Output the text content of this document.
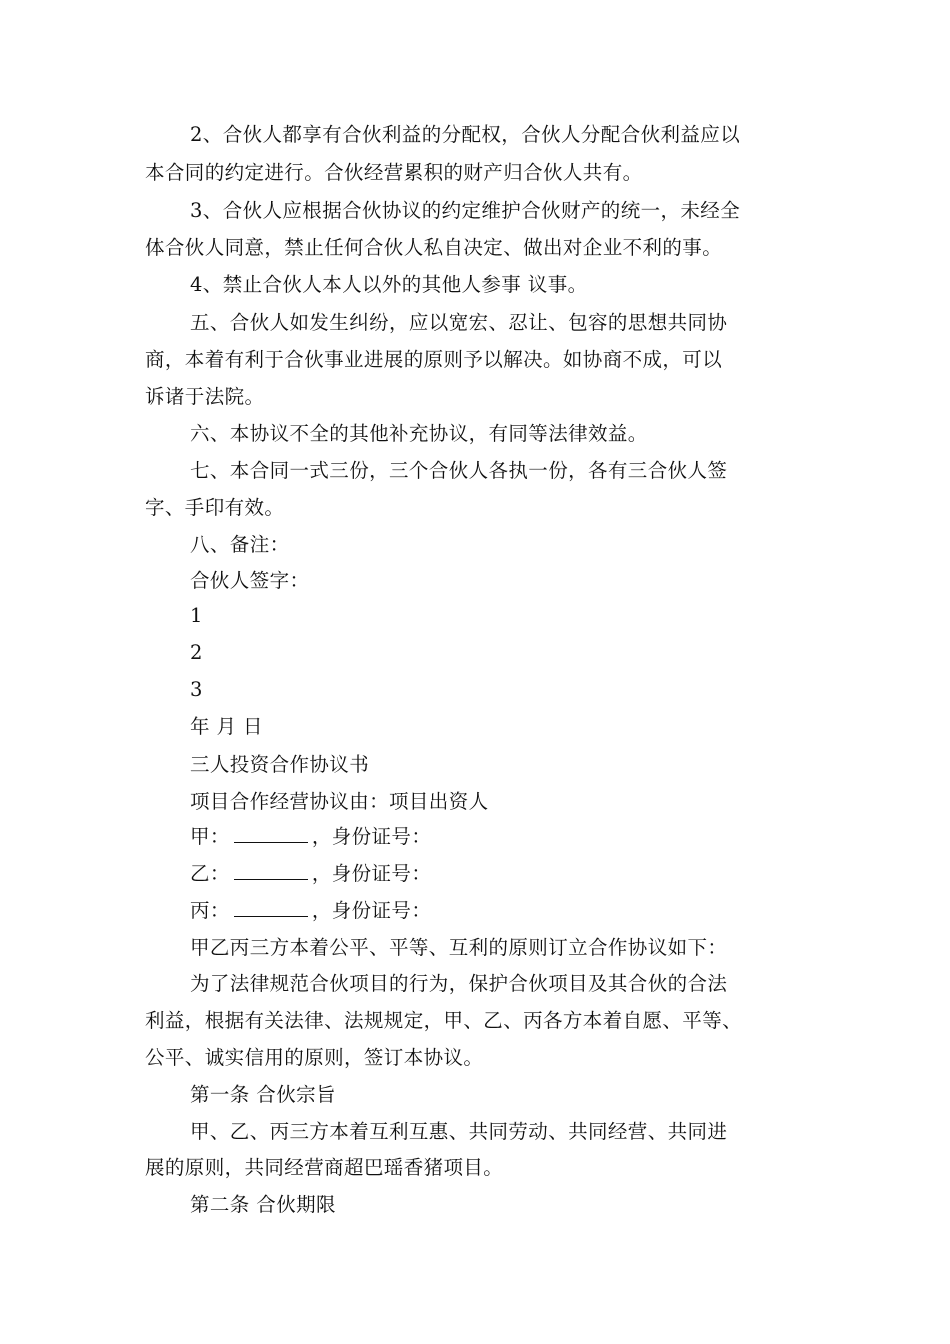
2、合伙人都享有合伙利益的分配权，合伙人分配合伙利益应以
本合同的约定进行。合伙经营累积的财产归合伙人共有。
3、合伙人应根据合伙协议的约定维护合伙财产的统一，未经全
体合伙人同意，禁止任何合伙人私自决定、做出对企业不利的事。
4、禁止合伙人本人以外的其他人参事 议事。
五、合伙人如发生纠纷，应以宽宏、忍让、包容的思想共同协
商，本着有利于合伙事业进展的原则予以解决。如协商不成，可以
诉诸于法院。
六、本协议不全的其他补充协议，有同等法律效益。
七、本合同一式三份，三个合伙人各执一份，各有三合伙人签
字、手印有效。
八、备注：
合伙人签字：
1
2
3
年 月 日
三人投资合作协议书
项目合作经营协议由：项目出资人
甲：	，身份证号：
乙：	，身份证号：
丙：	，身份证号：
甲乙丙三方本着公平、平等、互利的原则订立合作协议如下：
为了法律规范合伙项目的行为，保护合伙项目及其合伙的合法
利益，根据有关法律、法规规定，甲、乙、丙各方本着自愿、平等、
公平、诚实信用的原则，签订本协议。
第一条 合伙宗旨
甲、乙、丙三方本着互利互惠、共同劳动、共同经营、共同进
展的原则，共同经营商超巴瑶香猪项目。
第二条 合伙期限
